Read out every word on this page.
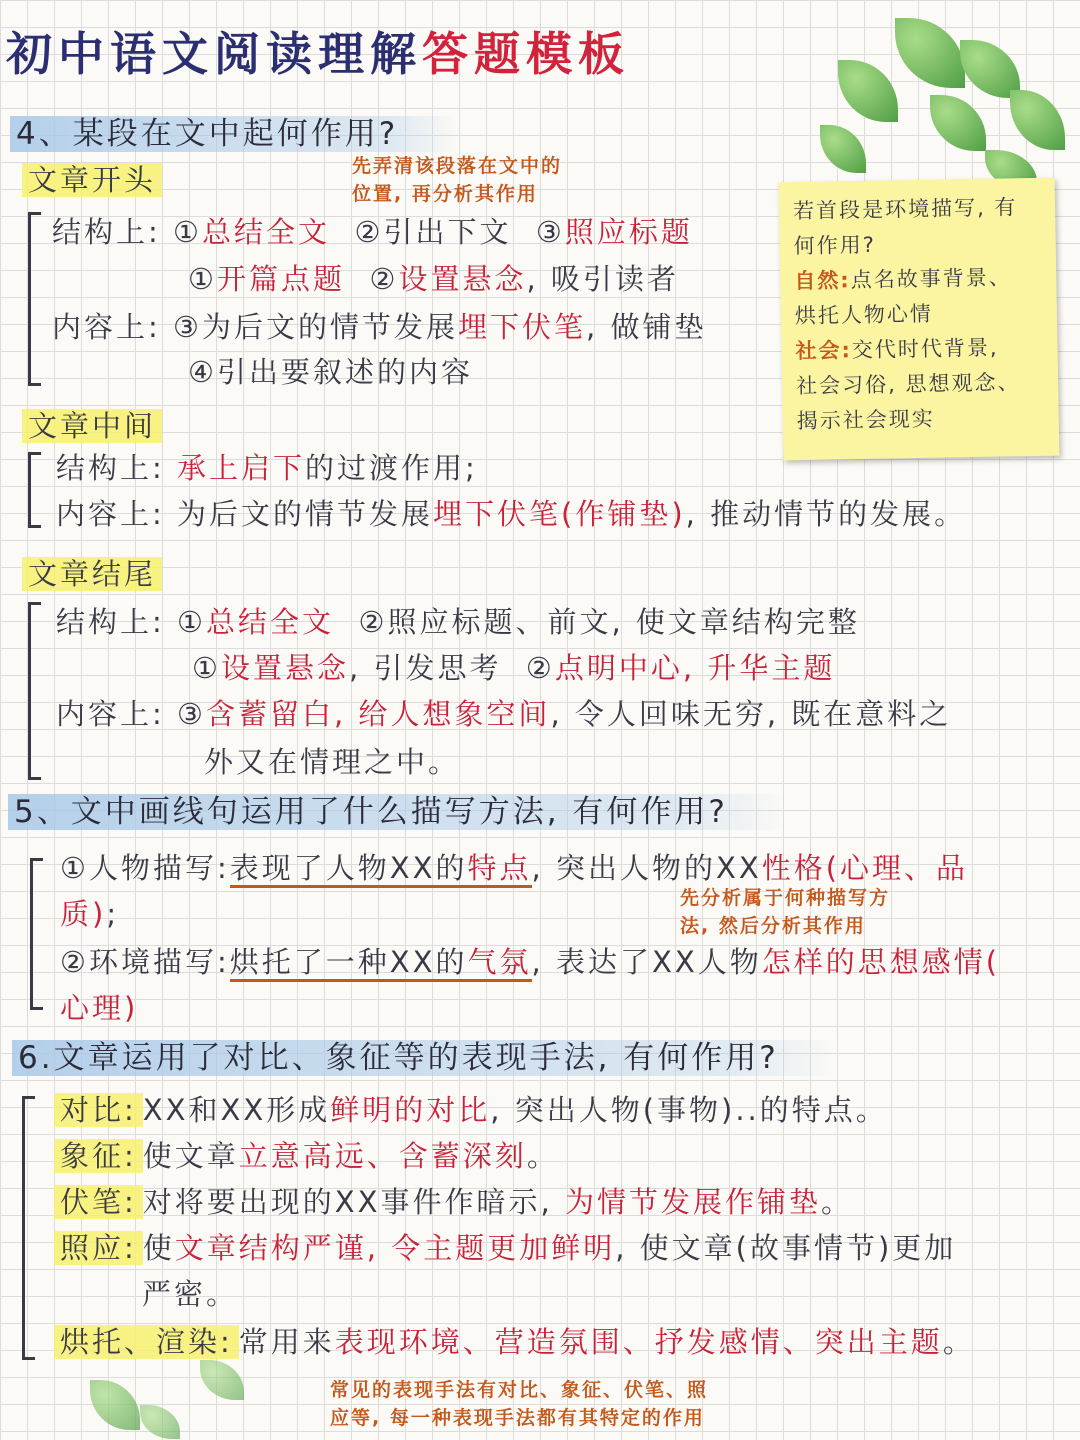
初中语文阅读理解答题模板
4、某段在文中起何作用?
文章开头	先弄清该段落在文中的
位置, 再分析其作用
结构上: ①总结全文 ②引出下文 ③照应标题
①开篇点题 ②设置悬念, 吸引读者
内容上: ③为后文的情节发展埋下伏笔, 做铺垫
④引出要叙述的内容
若首段是环境描写, 有
何作用?
自然:点名故事背景、
烘托人物心情
社会:交代时代背景,
社会习俗, 思想观念、
揭示社会现实
文章中间
结构上: 承上启下的过渡作用;
内容上: 为后文的情节发展埋下伏笔(作铺垫), 推动情节的发展。
文章结尾
结构上: ①总结全文 ②照应标题、前文, 使文章结构完整
①设置悬念, 引发思考 ②点明中心, 升华主题
内容上: ③含蓄留白, 给人想象空间, 令人回味无穷, 既在意料之
外又在情理之中。
5、文中画线句运用了什么描写方法, 有何作用?
①人物描写:表现了人物XX的特点, 突出人物的XX性格(心理、品
质);	先分析属于何种描写方
法, 然后分析其作用
②环境描写:烘托了一种XX的气氛, 表达了XX人物怎样的思想感情(
心理)
6.文章运用了对比、象征等的表现手法, 有何作用?
对比: XX和XX形成鲜明的对比, 突出人物(事物)..的特点。
象征: 使文章立意高远、含蓄深刻。
伏笔: 对将要出现的XX事件作暗示, 为情节发展作铺垫。
照应: 使文章结构严谨, 令主题更加鲜明, 使文章(故事情节)更加
严密。
烘托、渲染: 常用来表现环境、营造氛围、抒发感情、突出主题。
常见的表现手法有对比、象征、伏笔、照
应等, 每一种表现手法都有其特定的作用
